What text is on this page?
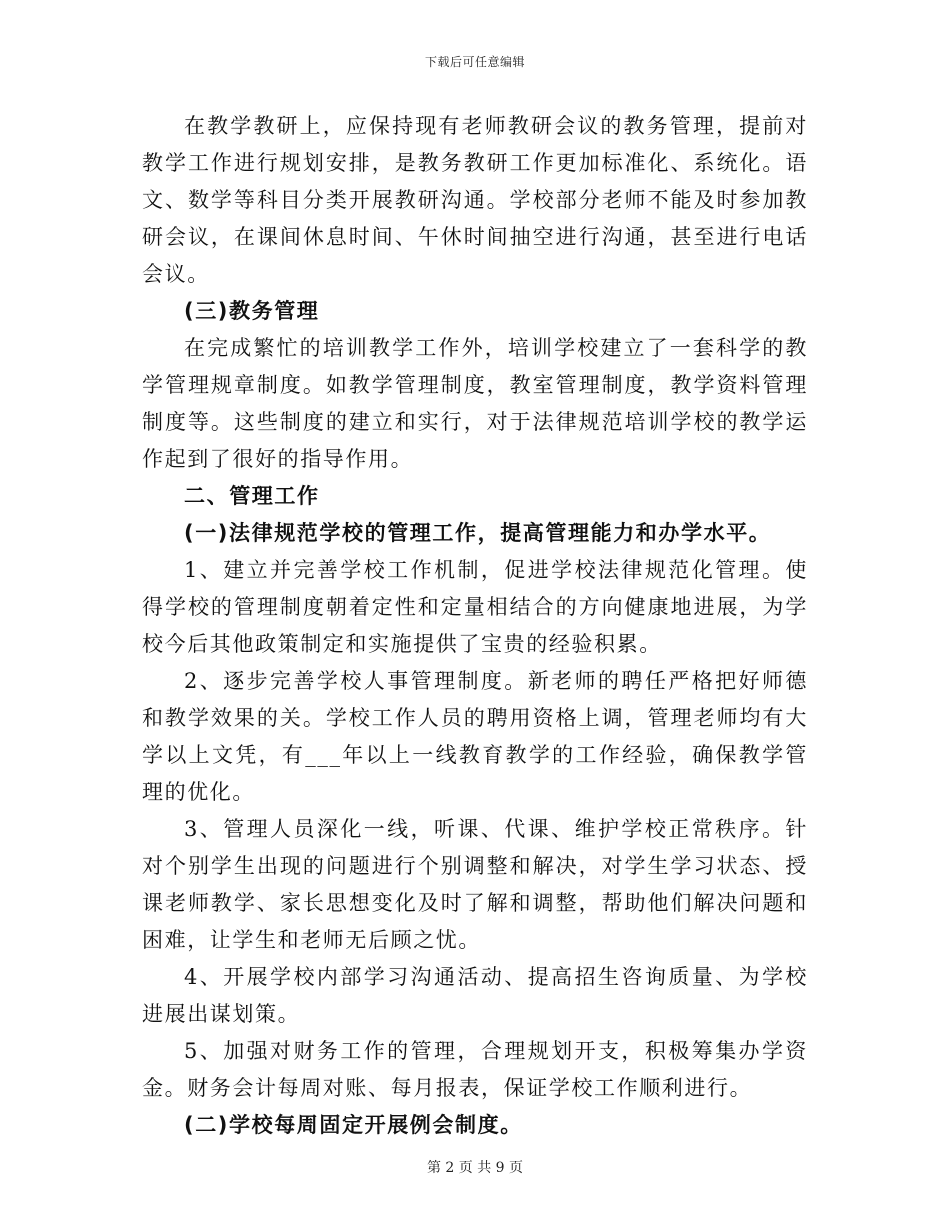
下载后可任意编辑

在教学教研上，应保持现有老师教研会议的教务管理，提前对教学工作进行规划安排，是教务教研工作更加标准化、系统化。语文、数学等科目分类开展教研沟通。学校部分老师不能及时参加教研会议，在课间休息时间、午休时间抽空进行沟通，甚至进行电话会议。

(三)教务管理

在完成繁忙的培训教学工作外，培训学校建立了一套科学的教学管理规章制度。如教学管理制度，教室管理制度，教学资料管理制度等。这些制度的建立和实行，对于法律规范培训学校的教学运作起到了很好的指导作用。

二、管理工作

(一)法律规范学校的管理工作，提高管理能力和办学水平。

1、建立并完善学校工作机制，促进学校法律规范化管理。使得学校的管理制度朝着定性和定量相结合的方向健康地进展，为学校今后其他政策制定和实施提供了宝贵的经验积累。

2、逐步完善学校人事管理制度。新老师的聘任严格把好师德和教学效果的关。学校工作人员的聘用资格上调，管理老师均有大学以上文凭，有___年以上一线教育教学的工作经验，确保教学管理的优化。

3、管理人员深化一线，听课、代课、维护学校正常秩序。针对个别学生出现的问题进行个别调整和解决，对学生学习状态、授课老师教学、家长思想变化及时了解和调整，帮助他们解决问题和困难，让学生和老师无后顾之忧。

4、开展学校内部学习沟通活动、提高招生咨询质量、为学校进展出谋划策。

5、加强对财务工作的管理，合理规划开支，积极筹集办学资金。财务会计每周对账、每月报表，保证学校工作顺利进行。

(二)学校每周固定开展例会制度。

第 2 页 共 9 页
